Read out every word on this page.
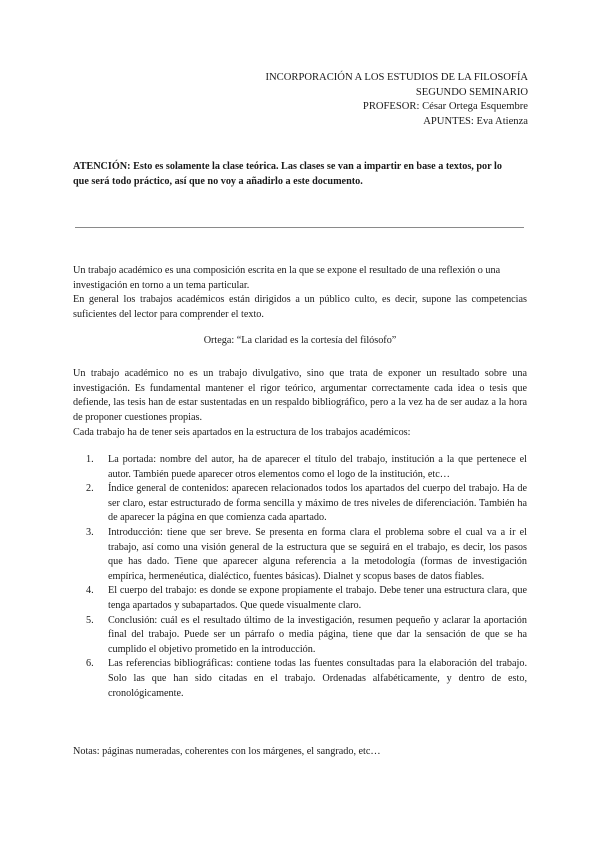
INCORPORACIÓN A LOS ESTUDIOS DE LA FILOSOFÍA
SEGUNDO SEMINARIO
PROFESOR: César Ortega Esquembre
APUNTES: Eva Atienza
ATENCIÓN: Esto es solamente la clase teórica. Las clases se van a impartir en base a textos, por lo que será todo práctico, así que no voy a añadirlo a este documento.
Un trabajo académico es una composición escrita en la que se expone el resultado de una reflexión o una investigación en torno a un tema particular.
En general los trabajos académicos están dirigidos a un público culto, es decir, supone las competencias suficientes del lector para comprender el texto.
Ortega: “La claridad es la cortesía del filósofo”
Un trabajo académico no es un trabajo divulgativo, sino que trata de exponer un resultado sobre una investigación. Es fundamental mantener el rigor teórico, argumentar correctamente cada idea o tesis que defiende, las tesis han de estar sustentadas en un respaldo bibliográfico, pero a la vez ha de ser audaz a la hora de proponer cuestiones propias.
Cada trabajo ha de tener seis apartados en la estructura de los trabajos académicos:
1. La portada: nombre del autor, ha de aparecer el título del trabajo, institución a la que pertenece el autor. También puede aparecer otros elementos como el logo de la institución, etc…
2. Índice general de contenidos: aparecen relacionados todos los apartados del cuerpo del trabajo. Ha de ser claro, estar estructurado de forma sencilla y máximo de tres niveles de diferenciación. También ha de aparecer la página en que comienza cada apartado.
3. Introducción: tiene que ser breve. Se presenta en forma clara el problema sobre el cual va a ir el trabajo, así como una visión general de la estructura que se seguirá en el trabajo, es decir, los pasos que has dado. Tiene que aparecer alguna referencia a la metodología (formas de investigación empírica, hermenéutica, dialéctico, fuentes básicas). Dialnet y scopus bases de datos fiables.
4. El cuerpo del trabajo: es donde se expone propiamente el trabajo. Debe tener una estructura clara, que tenga apartados y subapartados. Que quede visualmente claro.
5. Conclusión: cuál es el resultado último de la investigación, resumen pequeño y aclarar la aportación final del trabajo. Puede ser un párrafo o media página, tiene que dar la sensación de que se ha cumplido el objetivo prometido en la introducción.
6. Las referencias bibliográficas: contiene todas las fuentes consultadas para la elaboración del trabajo. Solo las que han sido citadas en el trabajo. Ordenadas alfabéticamente, y dentro de esto, cronológicamente.
Notas: páginas numeradas, coherentes con los márgenes, el sangrado, etc…
